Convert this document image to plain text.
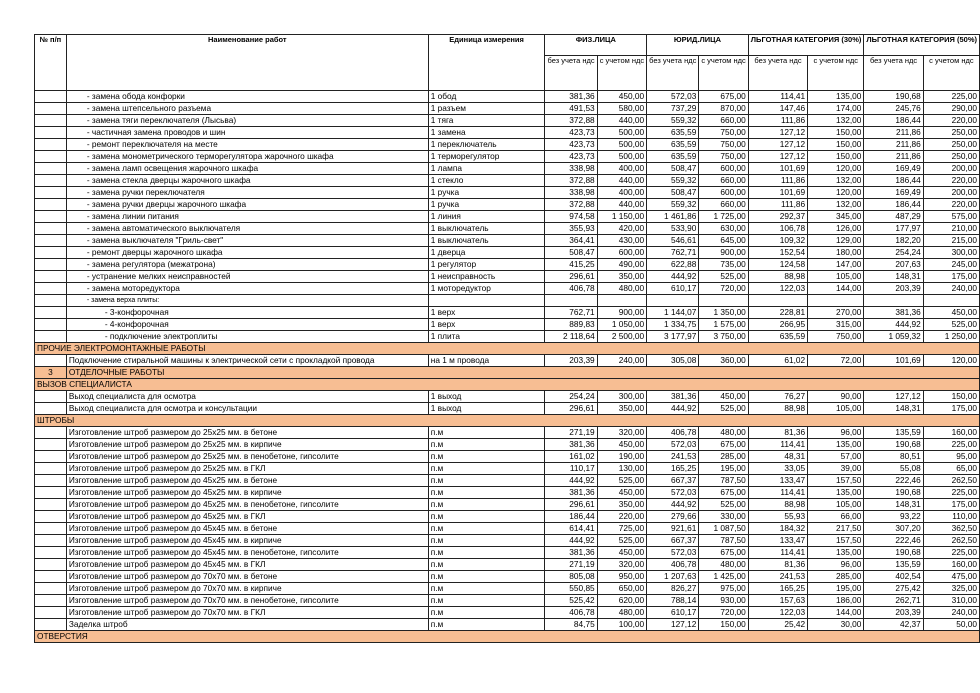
№ п/п	Наименование работ	Единица измерения	ФИЗ.ЛИЦА		ЮРИД.ЛИЦА		ЛЬГОТНАЯ КАТЕГОРИЯ (30%)		ЛЬГОТНАЯ КАТЕГОРИЯ (50%)	
			без учета ндс	с учетом ндс	без учета ндс	с учетом ндс	без учета ндс	с учетом ндс	без учета ндс	с учетом ндс
	- замена обода конфорки	1 обод	381,36	450,00	572,03	675,00	114,41	135,00	190,68	225,00
	- замена штепсельного разъема	1 разъем	491,53	580,00	737,29	870,00	147,46	174,00	245,76	290,00
	- замена тяги переключателя (Лысьва)	1 тяга	372,88	440,00	559,32	660,00	111,86	132,00	186,44	220,00
	- частичная замена проводов и шин	1 замена	423,73	500,00	635,59	750,00	127,12	150,00	211,86	250,00
	- ремонт переключателя на месте	1 переключатель	423,73	500,00	635,59	750,00	127,12	150,00	211,86	250,00
	- замена монометрического терморегулятора жарочного шкафа	1 терморегулятор	423,73	500,00	635,59	750,00	127,12	150,00	211,86	250,00
	- замена ламп освещения жарочного шкафа	1 лампа	338,98	400,00	508,47	600,00	101,69	120,00	169,49	200,00
	- замена стекла дверцы жарочного шкафа	1 стекло	372,88	440,00	559,32	660,00	111,86	132,00	186,44	220,00
	- замена ручки переключателя	1 ручка	338,98	400,00	508,47	600,00	101,69	120,00	169,49	200,00
	- замена ручки дверцы жарочного шкафа	1 ручка	372,88	440,00	559,32	660,00	111,86	132,00	186,44	220,00
	- замена линии питания	1 линия	974,58	1 150,00	1 461,86	1 725,00	292,37	345,00	487,29	575,00
	- замена автоматического выключателя	1 выключатель	355,93	420,00	533,90	630,00	106,78	126,00	177,97	210,00
	- замена выключателя "Гриль-свет"	1 выключатель	364,41	430,00	546,61	645,00	109,32	129,00	182,20	215,00
	- ремонт дверцы жарочного шкафа	1 дверца	508,47	600,00	762,71	900,00	152,54	180,00	254,24	300,00
	- замена регулятора (межатрона)	1 регулятор	415,25	490,00	622,88	735,00	124,58	147,00	207,63	245,00
	- устранение мелких неисправностей	1 неисправность	296,61	350,00	444,92	525,00	88,98	105,00	148,31	175,00
	- замена моторедуктора	1 моторедуктор	406,78	480,00	610,17	720,00	122,03	144,00	203,39	240,00
	- замена верха плиты:									
	- 3-конфорочная	1 верх	762,71	900,00	1 144,07	1 350,00	228,81	270,00	381,36	450,00
	- 4-конфорочная	1 верх	889,83	1 050,00	1 334,75	1 575,00	266,95	315,00	444,92	525,00
	- подключение электроплиты	1 плита	2 118,64	2 500,00	3 177,97	3 750,00	635,59	750,00	1 059,32	1 250,00
ПРОЧИЕ ЭЛЕКТРОМОНТАЖНЫЕ РАБОТЫ										
	Подключение стиральной машины к электрической сети с прокладкой провода	на 1 м провода	203,39	240,00	305,08	360,00	61,02	72,00	101,69	120,00
3	ОТДЕЛОЧНЫЕ РАБОТЫ									
ВЫЗОВ СПЕЦИАЛИСТА										
	Выход специалиста для осмотра	1 выход	254,24	300,00	381,36	450,00	76,27	90,00	127,12	150,00
	Выход специалиста для осмотра и консультации	1 выход	296,61	350,00	444,92	525,00	88,98	105,00	148,31	175,00
ШТРОБЫ										
	Изготовление штроб размером до 25х25 мм. в бетоне	п.м	271,19	320,00	406,78	480,00	81,36	96,00	135,59	160,00
	Изготовление штроб размером до 25х25 мм. в кирпиче	п.м	381,36	450,00	572,03	675,00	114,41	135,00	190,68	225,00
	Изготовление штроб размером до 25х25 мм. в пенобетоне, гипсолите	п.м	161,02	190,00	241,53	285,00	48,31	57,00	80,51	95,00
	Изготовление штроб размером до 25х25 мм. в ГКЛ	п.м	110,17	130,00	165,25	195,00	33,05	39,00	55,08	65,00
	Изготовление штроб размером до 45х25 мм. в бетоне	п.м	444,92	525,00	667,37	787,50	133,47	157,50	222,46	262,50
	Изготовление штроб размером до 45х25 мм. в кирпиче	п.м	381,36	450,00	572,03	675,00	114,41	135,00	190,68	225,00
	Изготовление штроб размером до 45х25 мм. в пенобетоне, гипсолите	п.м	296,61	350,00	444,92	525,00	88,98	105,00	148,31	175,00
	Изготовление штроб размером до 45х25 мм. в ГКЛ	п.м	186,44	220,00	279,66	330,00	55,93	66,00	93,22	110,00
	Изготовление штроб размером до 45х45 мм. в бетоне	п.м	614,41	725,00	921,61	1 087,50	184,32	217,50	307,20	362,50
	Изготовление штроб размером до 45х45 мм. в кирпиче	п.м	444,92	525,00	667,37	787,50	133,47	157,50	222,46	262,50
	Изготовление штроб размером до 45х45 мм. в пенобетоне, гипсолите	п.м	381,36	450,00	572,03	675,00	114,41	135,00	190,68	225,00
	Изготовление штроб размером до 45х45 мм. в ГКЛ	п.м	271,19	320,00	406,78	480,00	81,36	96,00	135,59	160,00
	Изготовление штроб размером до 70х70 мм. в бетоне	п.м	805,08	950,00	1 207,63	1 425,00	241,53	285,00	402,54	475,00
	Изготовление штроб размером до 70х70 мм. в кирпиче	п.м	550,85	650,00	826,27	975,00	165,25	195,00	275,42	325,00
	Изготовление штроб размером до 70х70 мм. в пенобетоне, гипсолите	п.м	525,42	620,00	788,14	930,00	157,63	186,00	262,71	310,00
	Изготовление штроб размером до 70х70 мм. в ГКЛ	п.м	406,78	480,00	610,17	720,00	122,03	144,00	203,39	240,00
	Заделка штроб	п.м	84,75	100,00	127,12	150,00	25,42	30,00	42,37	50,00
ОТВЕРСТИЯ										
